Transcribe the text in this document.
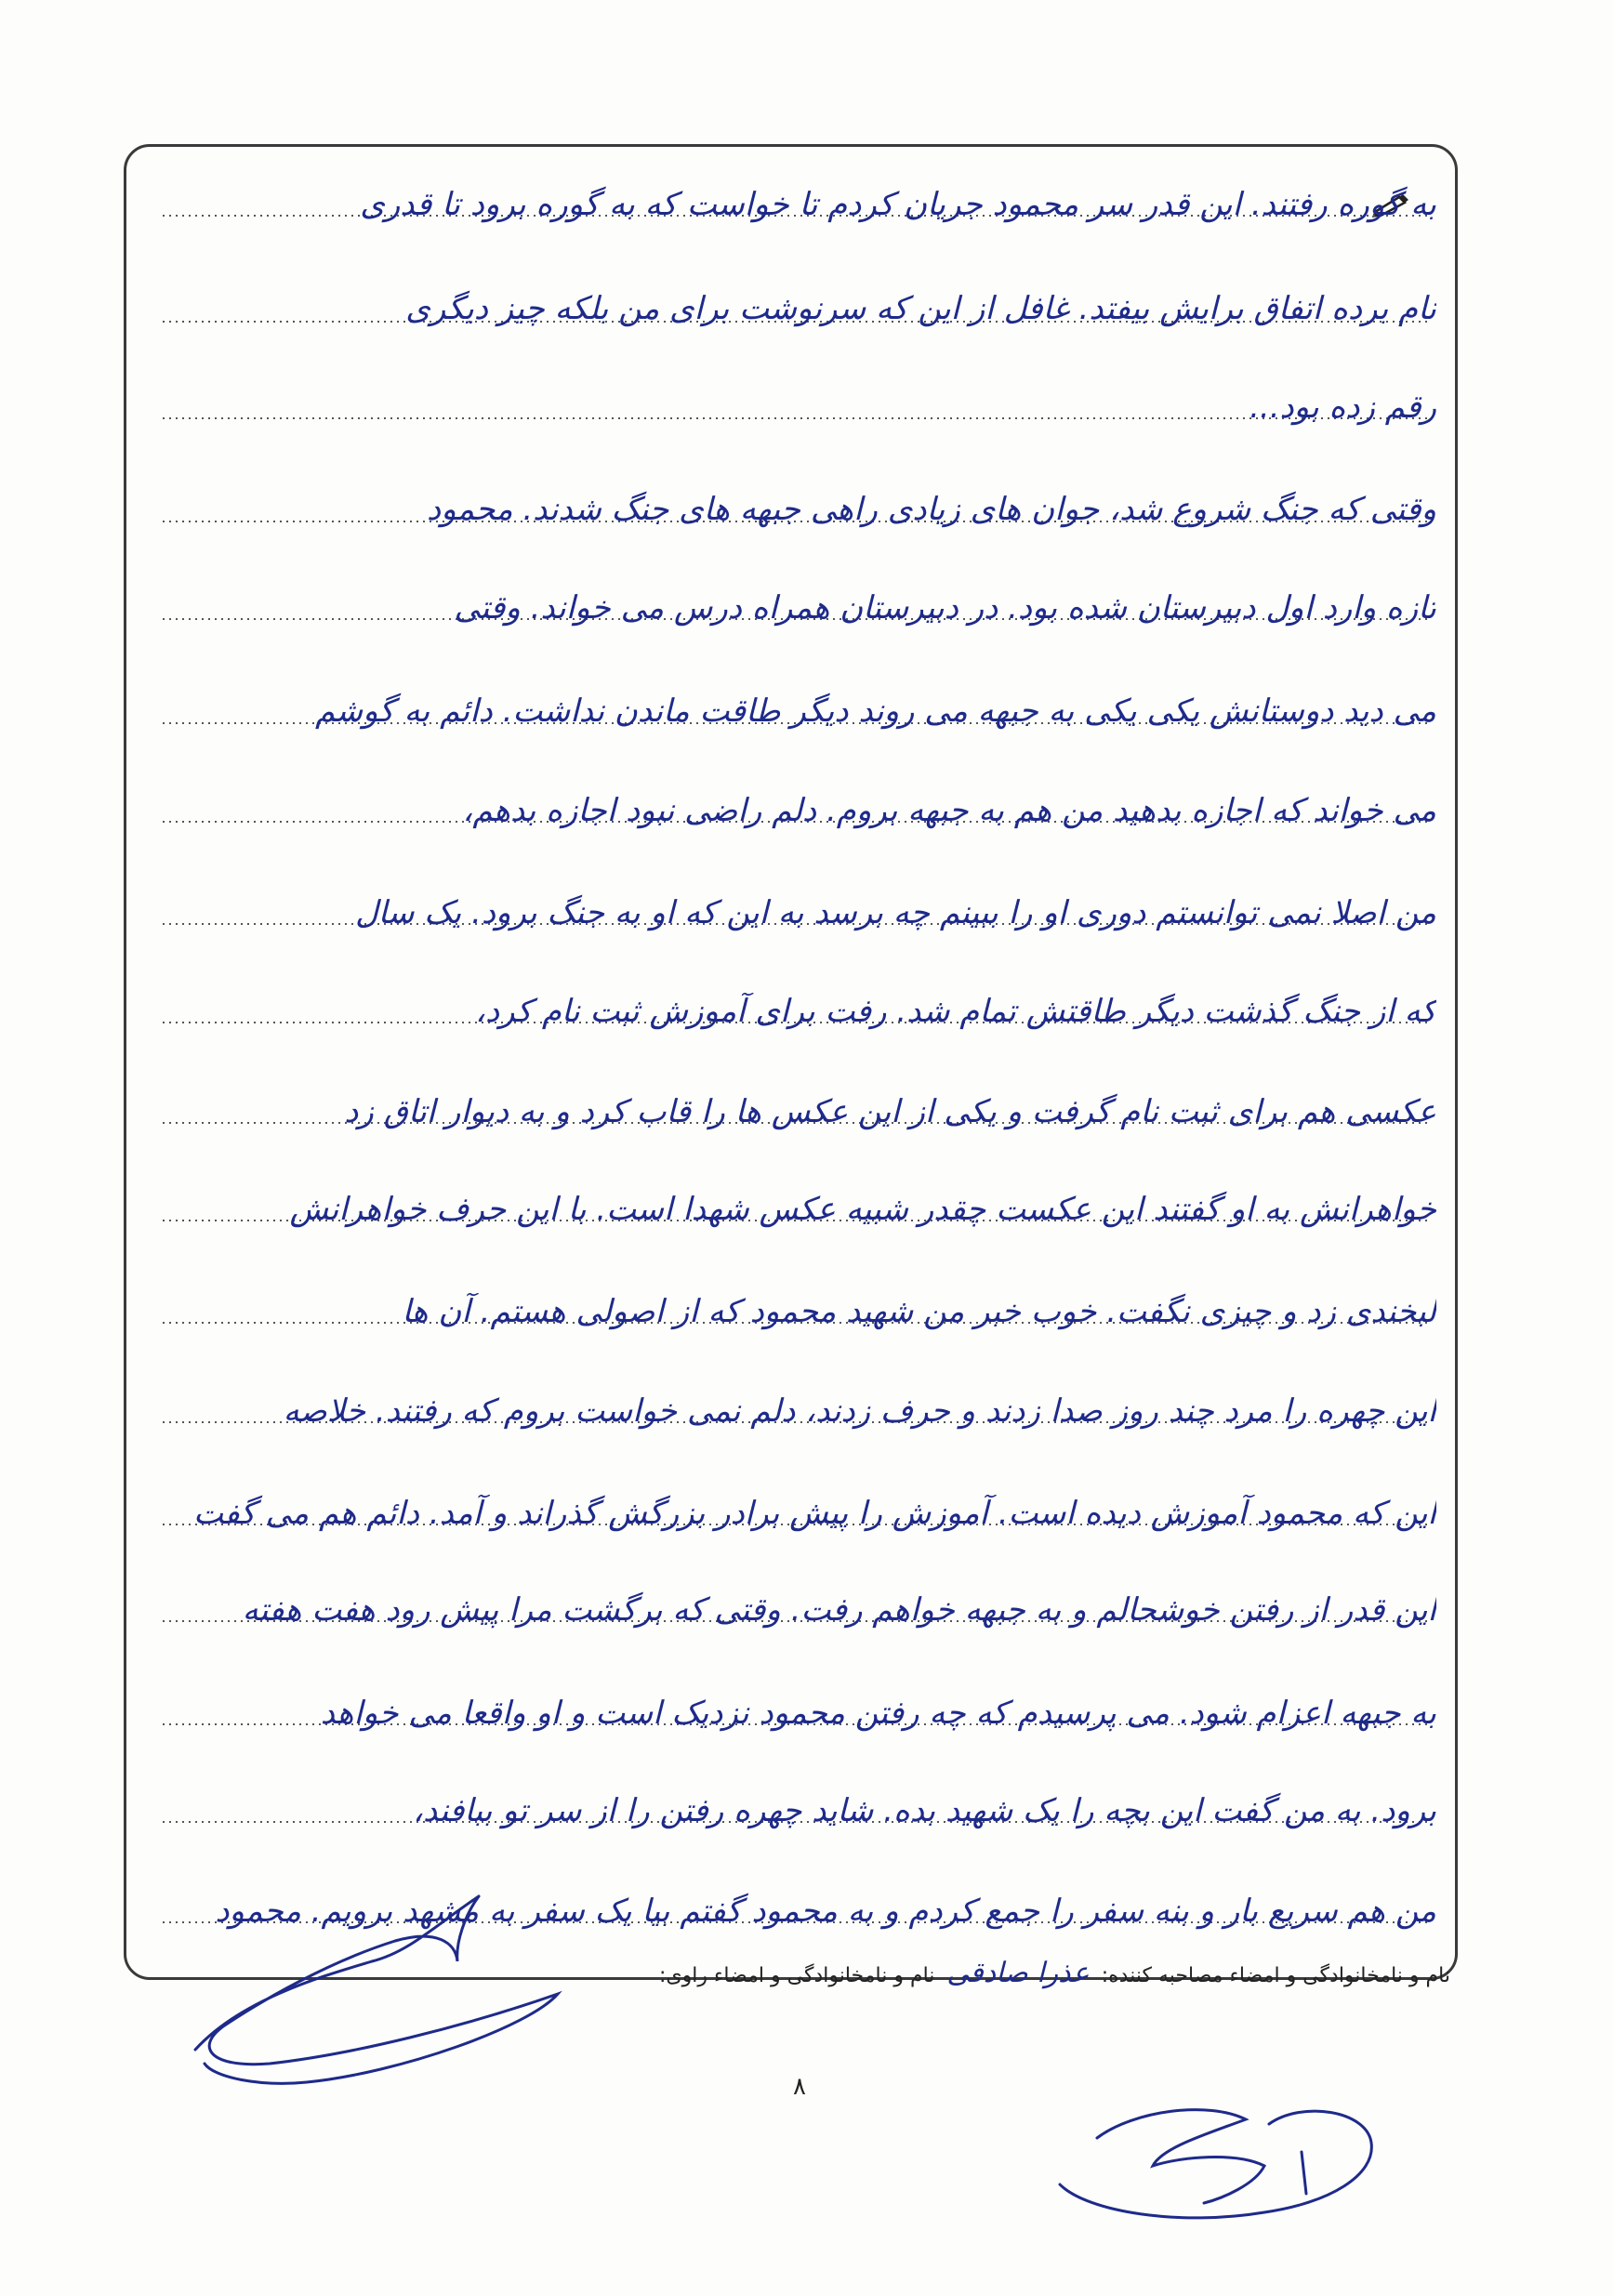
به گوره رفتند. این قدر سر محمود جریان کردم تا خواست که به گوره برود تا قدری
نام برده اتفاق برایش بیفتد. غافل از این که سرنوشت برای من بلکه چیز دیگری
رقم زده بود...
وقتی که جنگ شروع شد، جوان های زیادی راهی جبهه های جنگ شدند. محمود
تازه وارد اول دبیرستان شده بود. در دبیرستان همراه درس می خواند. وقتی
می دید دوستانش یکی یکی به جبهه می روند دیگر طاقت ماندن نداشت. دائم به گوشم
می خواند که اجازه بدهید من هم به جبهه بروم. دلم راضی نبود اجازه بدهم،
من اصلا نمی توانستم دوری او را ببینم چه برسد به این که او به جنگ برود. یک سال
که از جنگ گذشت دیگر طاقتش تمام شد. رفت برای آموزش ثبت نام کرد،
عکسی هم برای ثبت نام گرفت و یکی از این عکس ها را قاب کرد و به دیوار اتاق زد
خواهرانش به او گفتند این عکست چقدر شبیه عکس شهدا است. با این حرف خواهرانش
لبخندی زد و چیزی نگفت. خوب خبر من شهید محمود که از اصولی هستم. آن ها
این چهره را مرد چند روز صدا زدند و حرف زدند، دلم نمی خواست بروم که رفتند. خلاصه
این که محمود آموزش دیده است. آموزش را پیش برادر بزرگش گذراند و آمد. دائم هم می گفت
این قدر از رفتن خوشحالم و به جبهه خواهم رفت. وقتی که برگشت مرا پیش رود هفت هفته
به جبهه اعزام شود. می پرسیدم که چه رفتن محمود نزدیک است و او واقعا می خواهد
برود. به من گفت این بچه را یک شهید بده. شاید چهره رفتن را از سر تو ببافند،
من هم سریع بار و بنه سفر را جمع کردم و به محمود گفتم بیا یک سفر به مشهد برویم. محمود
نام و نامخانوادگی و امضاء مصاحبه کننده: عذرا صادقی نام و نامخانوادگی و امضاء راوی:
۸
